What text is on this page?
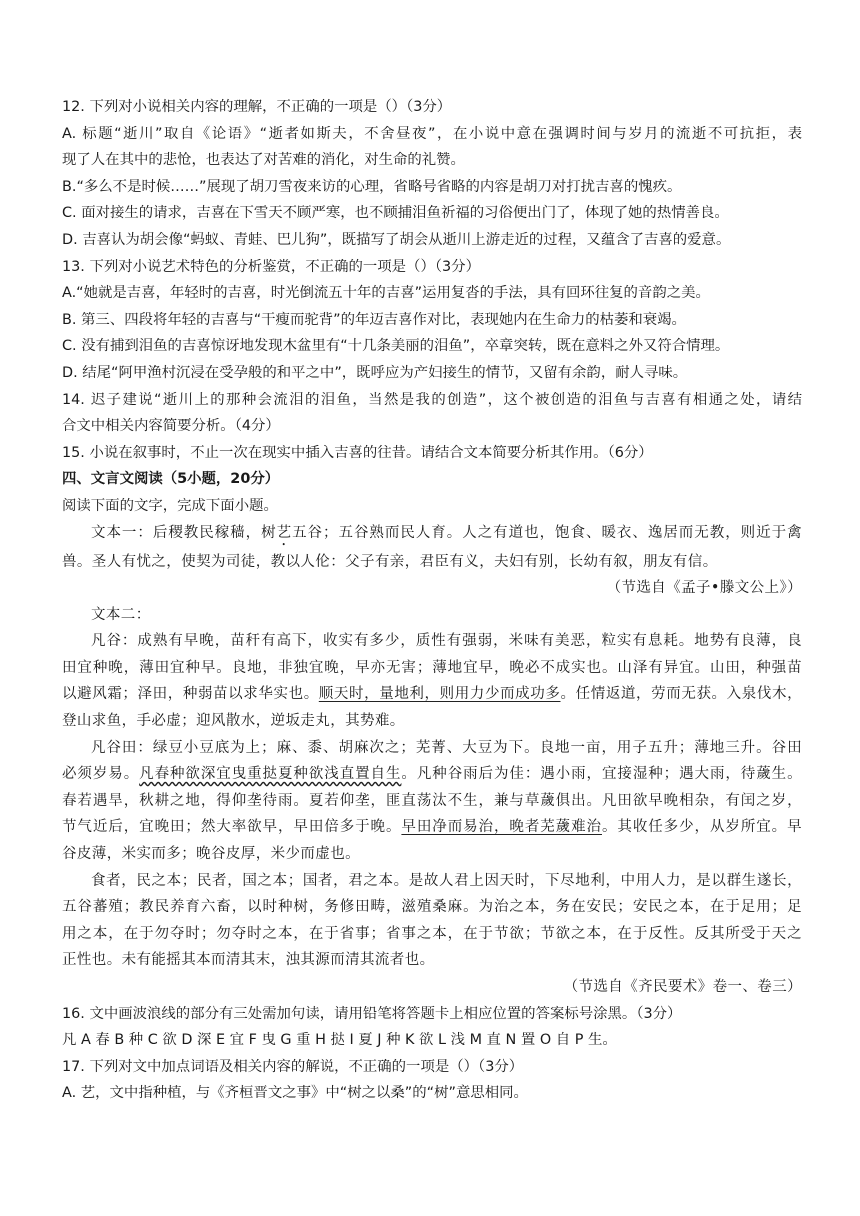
12. 下列对小说相关内容的理解，不正确的一项是（）（3分）
A. 标题“逝川”取自《论语》“逝者如斯夫，不舍昼夜”，在小说中意在强调时间与岁月的流逝不可抗拒，表
现了人在其中的悲怆，也表达了对苦难的消化，对生命的礼赞。
B.“多么不是时候……”展现了胡刀雪夜来访的心理，省略号省略的内容是胡刀对打扰吉喜的愧疚。
C. 面对接生的请求，吉喜在下雪天不顾严寒，也不顾捕泪鱼祈福的习俗便出门了，体现了她的热情善良。
D. 吉喜认为胡会像“蚂蚁、青蛙、巴儿狗”，既描写了胡会从逝川上游走近的过程，又蕴含了吉喜的爱意。
13. 下列对小说艺术特色的分析鉴赏，不正确的一项是（）（3分）
A.“她就是吉喜，年轻时的吉喜，时光倒流五十年的吉喜”运用复沓的手法，具有回环往复的音韵之美。
B. 第三、四段将年轻的吉喜与“干瘦而驼背”的年迈吉喜作对比，表现她内在生命力的枯萎和衰竭。
C. 没有捕到泪鱼的吉喜惊讶地发现木盆里有“十几条美丽的泪鱼”，卒章突转，既在意料之外又符合情理。
D. 结尾“阿甲渔村沉浸在受孕般的和平之中”，既呼应为产妇接生的情节，又留有余韵，耐人寻味。
14. 迟子建说“逝川上的那种会流泪的泪鱼，当然是我的创造”，这个被创造的泪鱼与吉喜有相通之处，请结
合文中相关内容简要分析。（4分）
15. 小说在叙事时，不止一次在现实中插入吉喜的往昔。请结合文本简要分析其作用。（6分）
四、文言文阅读（5小题，20分）
阅读下面的文字，完成下面小题。
文本一：后稷教民稼穑，树艺五谷；五谷熟而民人育。人之有道也，饱食、暖衣、逸居而无教，则近于禽
兽。圣人有忧之，使契为司徒，教以人伦：父子有亲，君臣有义，夫妇有别，长幼有叙，朋友有信。
（节选自《孟子•滕文公上》）
文本二：
凡谷：成熟有早晚，苗秆有高下，收实有多少，质性有强弱，米味有美恶，粒实有息耗。地势有良薄，良
田宜种晚，薄田宜种早。良地，非独宜晚，早亦无害；薄地宜早，晚必不成实也。山泽有异宜。山田，种强苗
以避风霜；泽田，种弱苗以求华实也。顺天时，量地利，则用力少而成功多。任情返道，劳而无获。入泉伐木，
登山求鱼，手必虚；迎风散水，逆坂走丸，其势难。
凡谷田：绿豆小豆底为上；麻、黍、胡麻次之；芜菁、大豆为下。良地一亩，用子五升；薄地三升。谷田
必须岁易。凡春种欲深宜曳重挞夏种欲浅直置自生。凡种谷雨后为佳：遇小雨，宜接湿种；遇大雨，待薉生。
春若遇旱，秋耕之地，得仰垄待雨。夏若仰垄，匪直荡汰不生，兼与草薉俱出。凡田欲早晚相杂，有闰之岁，
节气近后，宜晚田；然大率欲早，早田倍多于晚。早田净而易治，晚者芜薉难治。其收任多少，从岁所宜。早
谷皮薄，米实而多；晚谷皮厚，米少而虚也。
食者，民之本；民者，国之本；国者，君之本。是故人君上因天时，下尽地利，中用人力，是以群生遂长，
五谷蕃殖；教民养育六畜，以时种树，务修田畴，滋殖桑麻。为治之本，务在安民；安民之本，在于足用；足
用之本，在于勿夺时；勿夺时之本，在于省事；省事之本，在于节欲；节欲之本，在于反性。反其所受于天之
正性也。未有能摇其本而清其末，浊其源而清其流者也。
（节选自《齐民要术》卷一、卷三）
16. 文中画波浪线的部分有三处需加句读，请用铅笔将答题卡上相应位置的答案标号涂黑。（3分）
凡 A 春 B 种 C 欲 D 深 E 宜 F 曳 G 重 H 挞 I 夏 J 种 K 欲 L 浅 M 直 N 置 O 自 P 生。
17. 下列对文中加点词语及相关内容的解说，不正确的一项是（）（3分）
A. 艺，文中指种植，与《齐桓晋文之事》中“树之以桑”的“树”意思相同。
